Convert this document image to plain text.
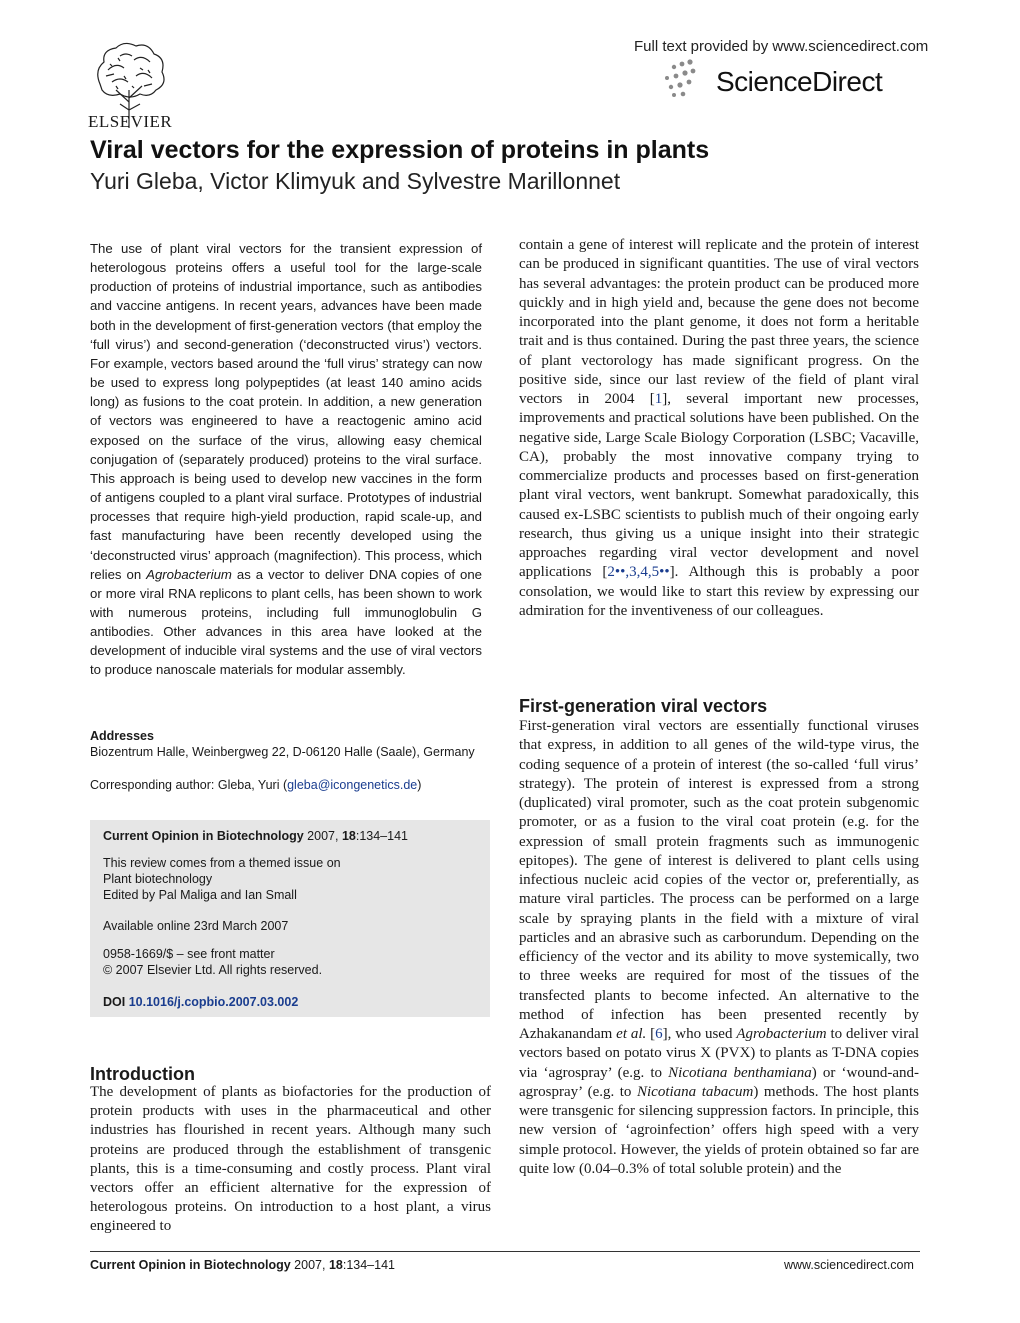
ELSEVIER
Full text provided by www.sciencedirect.com
ScienceDirect
Viral vectors for the expression of proteins in plants
Yuri Gleba, Victor Klimyuk and Sylvestre Marillonnet
The use of plant viral vectors for the transient expression of heterologous proteins offers a useful tool for the large-scale production of proteins of industrial importance, such as antibodies and vaccine antigens. In recent years, advances have been made both in the development of first-generation vectors (that employ the ‘full virus’) and second-generation (‘deconstructed virus’) vectors. For example, vectors based around the ‘full virus’ strategy can now be used to express long polypeptides (at least 140 amino acids long) as fusions to the coat protein. In addition, a new generation of vectors was engineered to have a reactogenic amino acid exposed on the surface of the virus, allowing easy chemical conjugation of (separately produced) proteins to the viral surface. This approach is being used to develop new vaccines in the form of antigens coupled to a plant viral surface. Prototypes of industrial processes that require high-yield production, rapid scale-up, and fast manufacturing have been recently developed using the ‘deconstructed virus’ approach (magnifection). This process, which relies on Agrobacterium as a vector to deliver DNA copies of one or more viral RNA replicons to plant cells, has been shown to work with numerous proteins, including full immunoglobulin G antibodies. Other advances in this area have looked at the development of inducible viral systems and the use of viral vectors to produce nanoscale materials for modular assembly.
Addresses
Biozentrum Halle, Weinbergweg 22, D-06120 Halle (Saale), Germany
Corresponding author: Gleba, Yuri (gleba@icongenetics.de)
Current Opinion in Biotechnology 2007, 18:134–141
This review comes from a themed issue on
Plant biotechnology
Edited by Pal Maliga and Ian Small
Available online 23rd March 2007
0958-1669/$ – see front matter
© 2007 Elsevier Ltd. All rights reserved.
DOI 10.1016/j.copbio.2007.03.002
Introduction
The development of plants as biofactories for the production of protein products with uses in the pharmaceutical and other industries has flourished in recent years. Although many such proteins are produced through the establishment of transgenic plants, this is a time-consuming and costly process. Plant viral vectors offer an efficient alternative for the expression of heterologous proteins. On introduction to a host plant, a virus engineered to
contain a gene of interest will replicate and the protein of interest can be produced in significant quantities. The use of viral vectors has several advantages: the protein product can be produced more quickly and in high yield and, because the gene does not become incorporated into the plant genome, it does not form a heritable trait and is thus contained. During the past three years, the science of plant vectorology has made significant progress. On the positive side, since our last review of the field of plant viral vectors in 2004 [1], several important new processes, improvements and practical solutions have been published. On the negative side, Large Scale Biology Corporation (LSBC; Vacaville, CA), probably the most innovative company trying to commercialize products and processes based on first-generation plant viral vectors, went bankrupt. Somewhat paradoxically, this caused ex-LSBC scientists to publish much of their ongoing early research, thus giving us a unique insight into their strategic approaches regarding viral vector development and novel applications [2••,3,4,5••]. Although this is probably a poor consolation, we would like to start this review by expressing our admiration for the inventiveness of our colleagues.
First-generation viral vectors
First-generation viral vectors are essentially functional viruses that express, in addition to all genes of the wild-type virus, the coding sequence of a protein of interest (the so-called ‘full virus’ strategy). The protein of interest is expressed from a strong (duplicated) viral promoter, such as the coat protein subgenomic promoter, or as a fusion to the viral coat protein (e.g. for the expression of small protein fragments such as immunogenic epitopes). The gene of interest is delivered to plant cells using infectious nucleic acid copies of the vector or, preferentially, as mature viral particles. The process can be performed on a large scale by spraying plants in the field with a mixture of viral particles and an abrasive such as carborundum. Depending on the efficiency of the vector and its ability to move systemically, two to three weeks are required for most of the tissues of the transfected plants to become infected. An alternative to the method of infection has been presented recently by Azhakanandam et al. [6], who used Agrobacterium to deliver viral vectors based on potato virus X (PVX) to plants as T-DNA copies via ‘agrospray’ (e.g. to Nicotiana benthamiana) or ‘wound-and-agrospray’ (e.g. to Nicotiana tabacum) methods. The host plants were transgenic for silencing suppression factors. In principle, this new version of ‘agroinfection’ offers high speed with a very simple protocol. However, the yields of protein obtained so far are quite low (0.04–0.3% of total soluble protein) and the
Current Opinion in Biotechnology 2007, 18:134–141	www.sciencedirect.com
